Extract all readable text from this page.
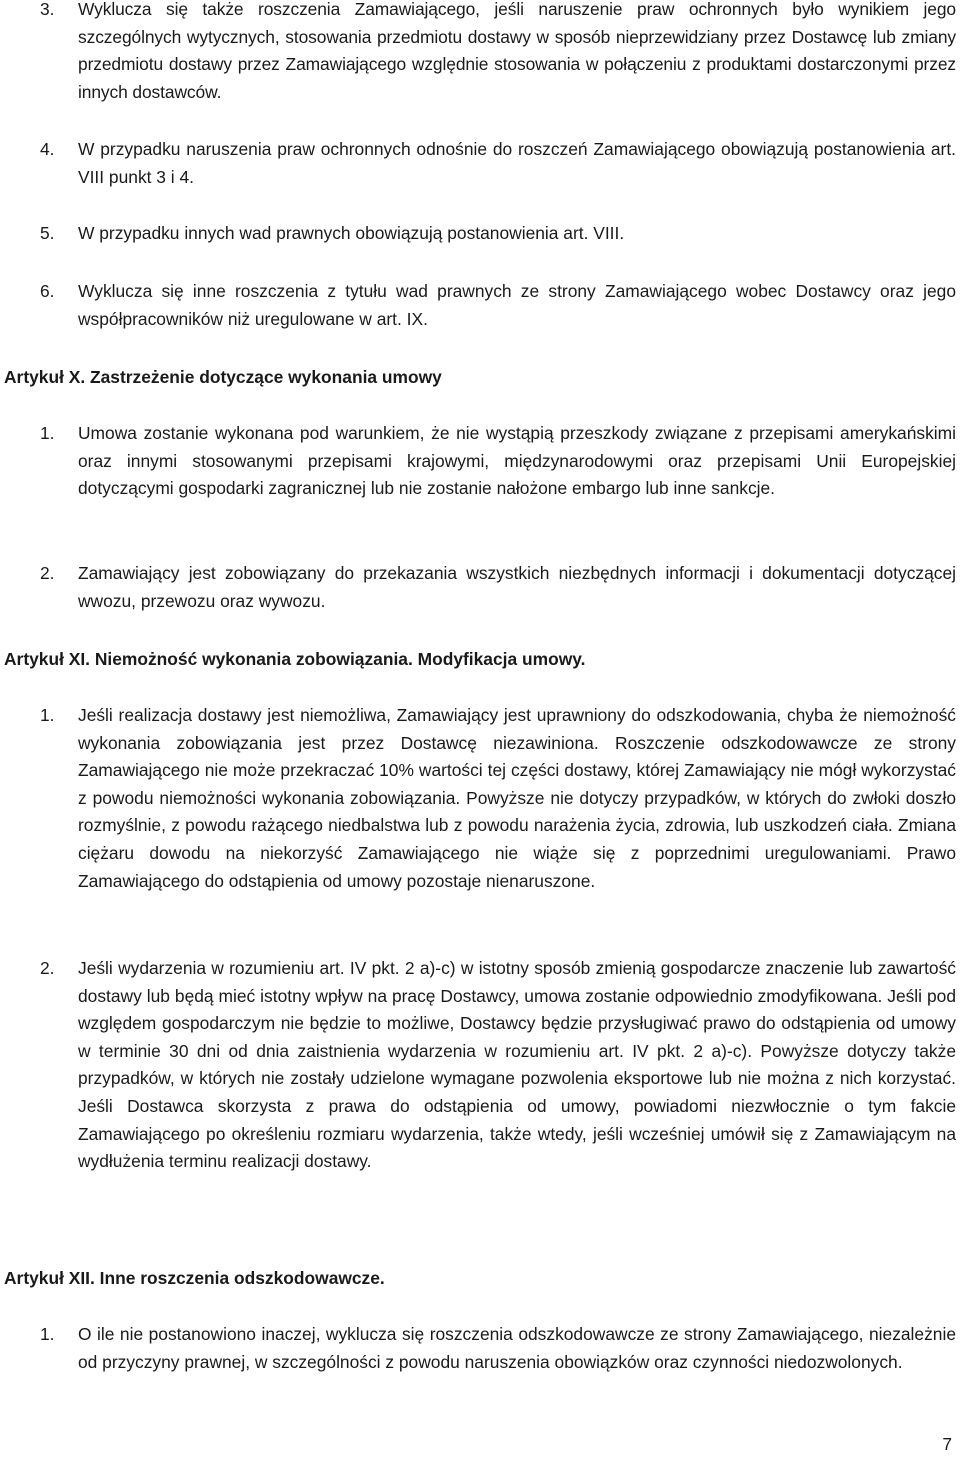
3. Wyklucza się także roszczenia Zamawiającego, jeśli naruszenie praw ochronnych było wynikiem jego szczególnych wytycznych, stosowania przedmiotu dostawy w sposób nieprzewidziany przez Dostawcę lub zmiany przedmiotu dostawy przez Zamawiającego względnie stosowania w połączeniu z produktami dostarczonymi przez innych dostawców.
4. W przypadku naruszenia praw ochronnych odnośnie do roszczeń Zamawiającego obowiązują postanowienia art. VIII punkt 3 i 4.
5. W przypadku innych wad prawnych obowiązują postanowienia art. VIII.
6. Wyklucza się inne roszczenia z tytułu wad prawnych ze strony Zamawiającego wobec Dostawcy oraz jego współpracowników niż uregulowane w art. IX.
Artykuł X. Zastrzeżenie dotyczące wykonania umowy
1. Umowa zostanie wykonana pod warunkiem, że nie wystąpią przeszkody związane z przepisami amerykańskimi oraz innymi stosowanymi przepisami krajowymi, międzynarodowymi oraz przepisami Unii Europejskiej dotyczącymi gospodarki zagranicznej lub nie zostanie nałożone embargo lub inne sankcje.
2. Zamawiający jest zobowiązany do przekazania wszystkich niezbędnych informacji i dokumentacji dotyczącej wwozu, przewozu oraz wywozu.
Artykuł XI. Niemożność wykonania zobowiązania. Modyfikacja umowy.
1. Jeśli realizacja dostawy jest niemożliwa, Zamawiający jest uprawniony do odszkodowania, chyba że niemożność wykonania zobowiązania jest przez Dostawcę niezawiniona. Roszczenie odszkodowawcze ze strony Zamawiającego nie może przekraczać 10% wartości tej części dostawy, której Zamawiający nie mógł wykorzystać z powodu niemożności wykonania zobowiązania. Powyższe nie dotyczy przypadków, w których do zwłoki doszło rozmyślnie, z powodu rażącego niedbalstwa lub z powodu narażenia życia, zdrowia, lub uszkodzeń ciała. Zmiana ciężaru dowodu na niekorzyść Zamawiającego nie wiąże się z poprzednimi uregulowaniami. Prawo Zamawiającego do odstąpienia od umowy pozostaje nienaruszone.
2. Jeśli wydarzenia w rozumieniu art. IV pkt. 2 a)-c) w istotny sposób zmienią gospodarcze znaczenie lub zawartość dostawy lub będą mieć istotny wpływ na pracę Dostawcy, umowa zostanie odpowiednio zmodyfikowana. Jeśli pod względem gospodarczym nie będzie to możliwe, Dostawcy będzie przysługiwać prawo do odstąpienia od umowy w terminie 30 dni od dnia zaistnienia wydarzenia w rozumieniu art. IV pkt. 2 a)-c). Powyższe dotyczy także przypadków, w których nie zostały udzielone wymagane pozwolenia eksportowe lub nie można z nich korzystać. Jeśli Dostawca skorzysta z prawa do odstąpienia od umowy, powiadomi niezwłocznie o tym fakcie Zamawiającego po określeniu rozmiaru wydarzenia, także wtedy, jeśli wcześniej umówił się z Zamawiającym na wydłużenia terminu realizacji dostawy.
Artykuł XII. Inne roszczenia odszkodowawcze.
1. O ile nie postanowiono inaczej, wyklucza się roszczenia odszkodowawcze ze strony Zamawiającego, niezależnie od przyczyny prawnej, w szczególności z powodu naruszenia obowiązków oraz czynności niedozwolonych.
7
